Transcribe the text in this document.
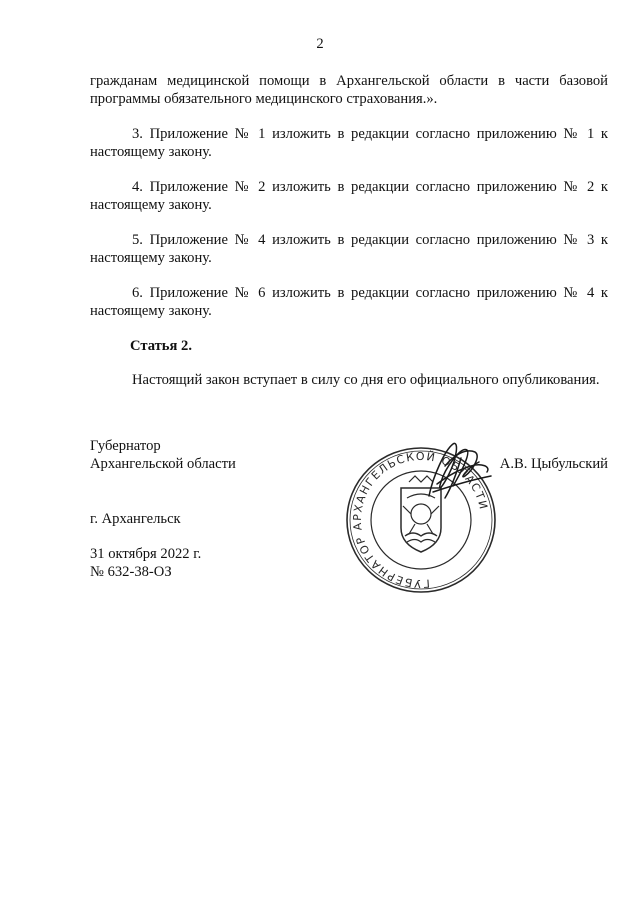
2

гражданам медицинской помощи в Архангельской области в части базовой программы обязательного медицинского страхования.».

3. Приложение № 1 изложить в редакции согласно приложению № 1 к настоящему закону.

4. Приложение № 2 изложить в редакции согласно приложению № 2 к настоящему закону.

5. Приложение № 4 изложить в редакции согласно приложению № 3 к настоящему закону.

6. Приложение № 6 изложить в редакции согласно приложению № 4 к настоящему закону.

Статья 2.

Настоящий закон вступает в силу со дня его официального опубликования.

Губернатор
Архангельской области	А.В. Цыбульский
ГУБЕРНАТОР АРХАНГЕЛЬСКОЙ ОБЛАСТИ
г. Архангельск
31 октября 2022 г.
№ 632-38-ОЗ
